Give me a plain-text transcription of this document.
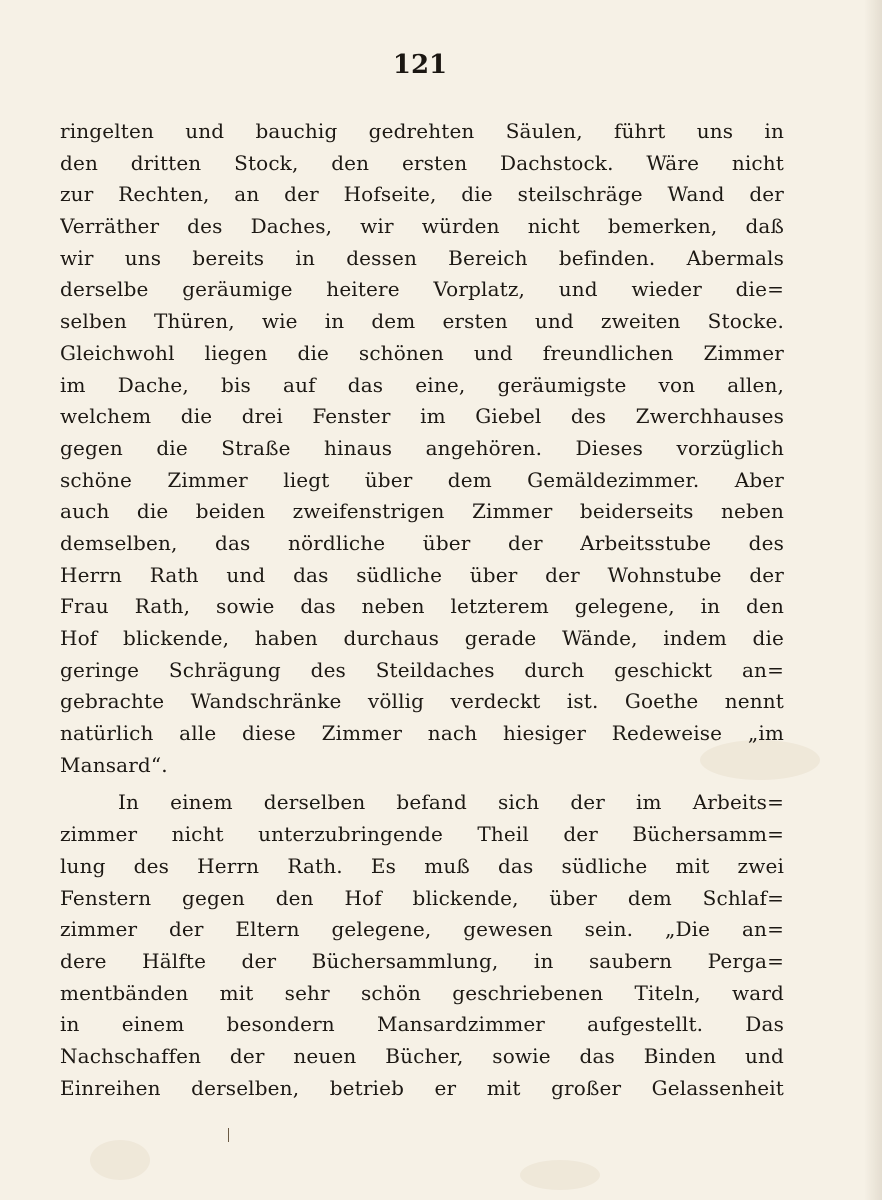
121
ringelten und bauchig gedrehten Säulen, führt uns in
den dritten Stock, den ersten Dachstock. Wäre nicht
zur Rechten, an der Hofseite, die steilschräge Wand der
Verräther des Daches, wir würden nicht bemerken, daß
wir uns bereits in dessen Bereich befinden. Abermals
derselbe geräumige heitere Vorplatz, und wieder die=
selben Thüren, wie in dem ersten und zweiten Stocke.
Gleichwohl liegen die schönen und freundlichen Zimmer
im Dache, bis auf das eine, geräumigste von allen,
welchem die drei Fenster im Giebel des Zwerchhauses
gegen die Straße hinaus angehören. Dieses vorzüglich
schöne Zimmer liegt über dem Gemäldezimmer. Aber
auch die beiden zweifenstrigen Zimmer beiderseits neben
demselben, das nördliche über der Arbeitsstube des
Herrn Rath und das südliche über der Wohnstube der
Frau Rath, sowie das neben letzterem gelegene, in den
Hof blickende, haben durchaus gerade Wände, indem die
geringe Schrägung des Steildaches durch geschickt an=
gebrachte Wandschränke völlig verdeckt ist. Goethe nennt
natürlich alle diese Zimmer nach hiesiger Redeweise „im
Mansard“.
In einem derselben befand sich der im Arbeits=
zimmer nicht unterzubringende Theil der Büchersamm=
lung des Herrn Rath. Es muß das südliche mit zwei
Fenstern gegen den Hof blickende, über dem Schlaf=
zimmer der Eltern gelegene, gewesen sein. „Die an=
dere Hälfte der Büchersammlung, in saubern Perga=
mentbänden mit sehr schön geschriebenen Titeln, ward
in einem besondern Mansardzimmer aufgestellt. Das
Nachschaffen der neuen Bücher, sowie das Binden und
Einreihen derselben, betrieb er mit großer Gelassenheit
